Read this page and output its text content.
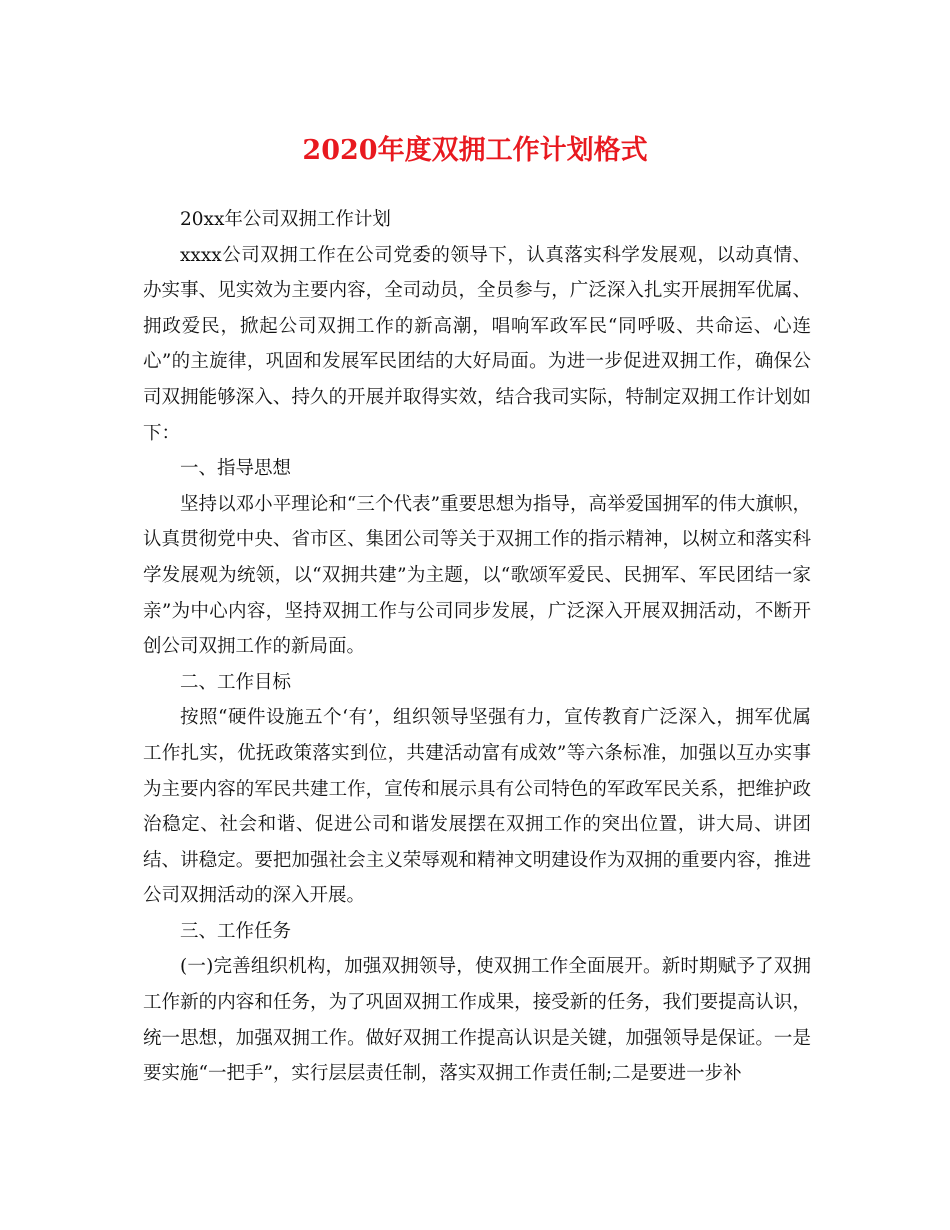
2020年度双拥工作计划格式

20xx年公司双拥工作计划

xxxx公司双拥工作在公司党委的领导下，认真落实科学发展观，以动真情、办实事、见实效为主要内容，全司动员，全员参与，广泛深入扎实开展拥军优属、拥政爱民，掀起公司双拥工作的新高潮，唱响军政军民“同呼吸、共命运、心连心”的主旋律，巩固和发展军民团结的大好局面。为进一步促进双拥工作，确保公司双拥能够深入、持久的开展并取得实效，结合我司实际，特制定双拥工作计划如下：

一、指导思想

坚持以邓小平理论和“三个代表”重要思想为指导，高举爱国拥军的伟大旗帜，认真贯彻党中央、省市区、集团公司等关于双拥工作的指示精神，以树立和落实科学发展观为统领，以“双拥共建”为主题，以“歌颂军爱民、民拥军、军民团结一家亲”为中心内容，坚持双拥工作与公司同步发展，广泛深入开展双拥活动，不断开创公司双拥工作的新局面。

二、工作目标

按照“硬件设施五个‘有’，组织领导坚强有力，宣传教育广泛深入，拥军优属工作扎实，优抚政策落实到位，共建活动富有成效”等六条标准，加强以互办实事为主要内容的军民共建工作，宣传和展示具有公司特色的军政军民关系，把维护政治稳定、社会和谐、促进公司和谐发展摆在双拥工作的突出位置，讲大局、讲团结、讲稳定。要把加强社会主义荣辱观和精神文明建设作为双拥的重要内容，推进公司双拥活动的深入开展。

三、工作任务

(一)完善组织机构，加强双拥领导，使双拥工作全面展开。新时期赋予了双拥工作新的内容和任务，为了巩固双拥工作成果，接受新的任务，我们要提高认识，统一思想，加强双拥工作。做好双拥工作提高认识是关键，加强领导是保证。一是要实施“一把手”，实行层层责任制，落实双拥工作责任制;二是要进一步补
